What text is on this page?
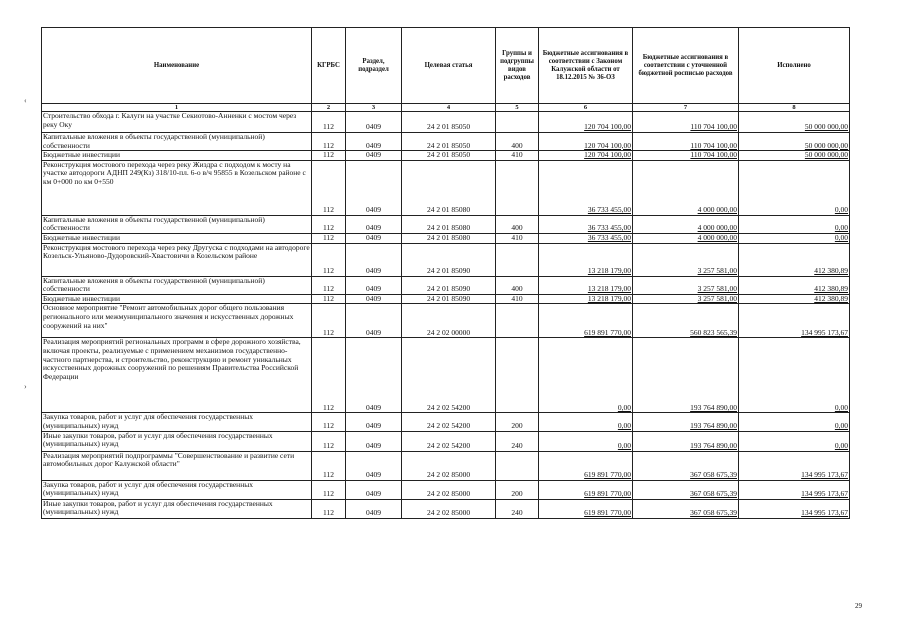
‹
›
Наименование	КГРБС	Раздел, подраздел	Целевая статья	Группы и подгруппы видов расходов	Бюджетные ассигнования в соответствии с Законом Калужской области от 18.12.2015 № 36-ОЗ	Бюджетные ассигнования в соответствии с уточненной бюджетной росписью расходов	Исполнено
1	2	3	4	5	6	7	8
Строительство обхода г. Калуги на участке Секиотово-Анненки с мостом через реку Оку	112	0409	24 2 01 85050		120 704 100,00	110 704 100,00	50 000 000,00
Капитальные вложения в объекты государственной (муниципальной) собственности	112	0409	24 2 01 85050	400	120 704 100,00	110 704 100,00	50 000 000,00
Бюджетные инвестиции	112	0409	24 2 01 85050	410	120 704 100,00	110 704 100,00	50 000 000,00
Реконструкция мостового перехода через реку Жиздра с подходом к мосту на участке автодороги АДНП 249(Кз) 318/10-пл. 6-о в/ч 95855 в Козельском районе с км 0+000 по км 0+550	112	0409	24 2 01 85080		36 733 455,00	4 000 000,00	0,00
Капитальные вложения в объекты государственной (муниципальной) собственности	112	0409	24 2 01 85080	400	36 733 455,00	4 000 000,00	0,00
Бюджетные инвестиции	112	0409	24 2 01 85080	410	36 733 455,00	4 000 000,00	0,00
Реконструкция мостового перехода через реку Другуска с подходами на автодороге Козельск-Ульяново-Дудоровский-Хвастовичи в Козельском районе	112	0409	24 2 01 85090		13 218 179,00	3 257 581,00	412 380,89
Капитальные вложения в объекты государственной (муниципальной) собственности	112	0409	24 2 01 85090	400	13 218 179,00	3 257 581,00	412 380,89
Бюджетные инвестиции	112	0409	24 2 01 85090	410	13 218 179,00	3 257 581,00	412 380,89
Основное мероприятие "Ремонт автомобильных дорог общего пользования регионального или межмуниципального значения и искусственных дорожных сооружений на них"	112	0409	24 2 02 00000		619 891 770,00	560 823 565,39	134 995 173,67
Реализация мероприятий региональных программ в сфере дорожного хозяйства, включая проекты, реализуемые с применением механизмов государственно-частного партнерства, и строительство, реконструкцию и ремонт уникальных искусственных дорожных сооружений по решениям Правительства Российской Федерации	112	0409	24 2 02 54200		0,00	193 764 890,00	0,00
Закупка товаров, работ и услуг для обеспечения государственных (муниципальных) нужд	112	0409	24 2 02 54200	200	0,00	193 764 890,00	0,00
Иные закупки товаров, работ и услуг для обеспечения государственных (муниципальных) нужд	112	0409	24 2 02 54200	240	0,00	193 764 890,00	0,00
Реализация мероприятий подпрограммы "Совершенствование и развитие сети автомобильных дорог Калужской области"	112	0409	24 2 02 85000		619 891 770,00	367 058 675,39	134 995 173,67
Закупка товаров, работ и услуг для обеспечения государственных (муниципальных) нужд	112	0409	24 2 02 85000	200	619 891 770,00	367 058 675,39	134 995 173,67
Иные закупки товаров, работ и услуг для обеспечения государственных (муниципальных) нужд	112	0409	24 2 02 85000	240	619 891 770,00	367 058 675,39	134 995 173,67
29
